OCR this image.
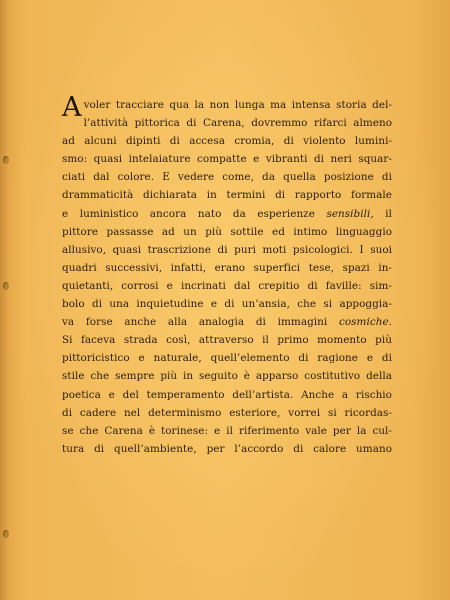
A voler tracciare qua la non lunga ma intensa storia del-
l’attività pittorica di Carena, dovremmo rifarci almeno
ad alcuni dipinti di accesa cromia, di violento lumini-
smo: quasi intelaiature compatte e vibranti di neri squar-
ciati dal colore. E vedere come, da quella posizione di
drammaticità dichiarata in termini di rapporto formale
e luministico ancora nato da esperienze sensibili, il
pittore passasse ad un più sottile ed intimo linguaggio
allusivo, quasi trascrizione di puri moti psicologici. I suoi
quadri successivi, infatti, erano superfici tese, spazi in-
quietanti, corrosi e incrinati dal crepitio di faville: sim-
bolo di una inquietudine e di un’ansia, che si appoggia-
va forse anche alla analogia di immagini cosmiche.
Si faceva strada così, attraverso il primo momento più
pittoricistico e naturale, quell’elemento di ragione e di
stile che sempre più in seguito è apparso costitutivo della
poetica e del temperamento dell’artista. Anche a rischio
di cadere nel determinismo esteriore, vorrei si ricordas-
se che Carena è torinese: e il riferimento vale per la cul-
tura di quell’ambiente, per l’accordo di calore umano
